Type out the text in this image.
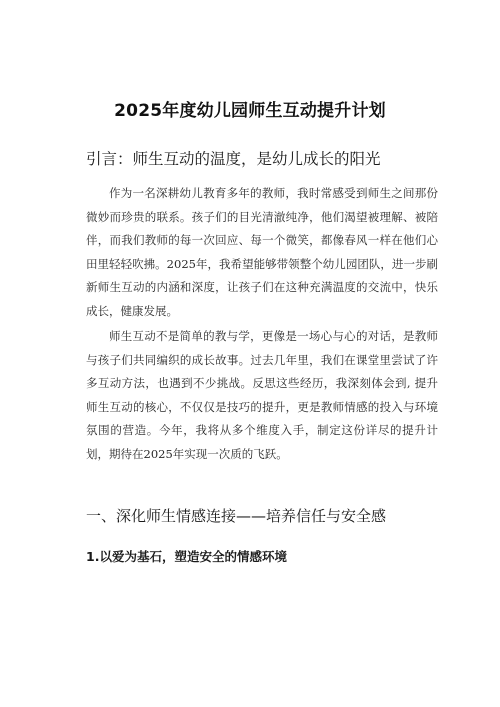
2025年度幼儿园师生互动提升计划
引言：师生互动的温度，是幼儿成长的阳光

作为一名深耕幼儿教育多年的教师，我时常感受到师生之间那份微妙而珍贵的联系。孩子们的目光清澈纯净，他们渴望被理解、被陪伴，而我们教师的每一次回应、每一个微笑，都像春风一样在他们心田里轻轻吹拂。2025年，我希望能够带领整个幼儿园团队，进一步刷新师生互动的内涵和深度，让孩子们在这种充满温度的交流中，快乐成长，健康发展。

师生互动不是简单的教与学，更像是一场心与心的对话，是教师与孩子们共同编织的成长故事。过去几年里，我们在课堂里尝试了许多互动方法，也遇到不少挑战。反思这些经历，我深刻体会到, 提升师生互动的核心，不仅仅是技巧的提升，更是教师情感的投入与环境氛围的营造。今年，我将从多个维度入手，制定这份详尽的提升计划，期待在2025年实现一次质的飞跃。

一、深化师生情感连接——培养信任与安全感
1.以爱为基石，塑造安全的情感环境
